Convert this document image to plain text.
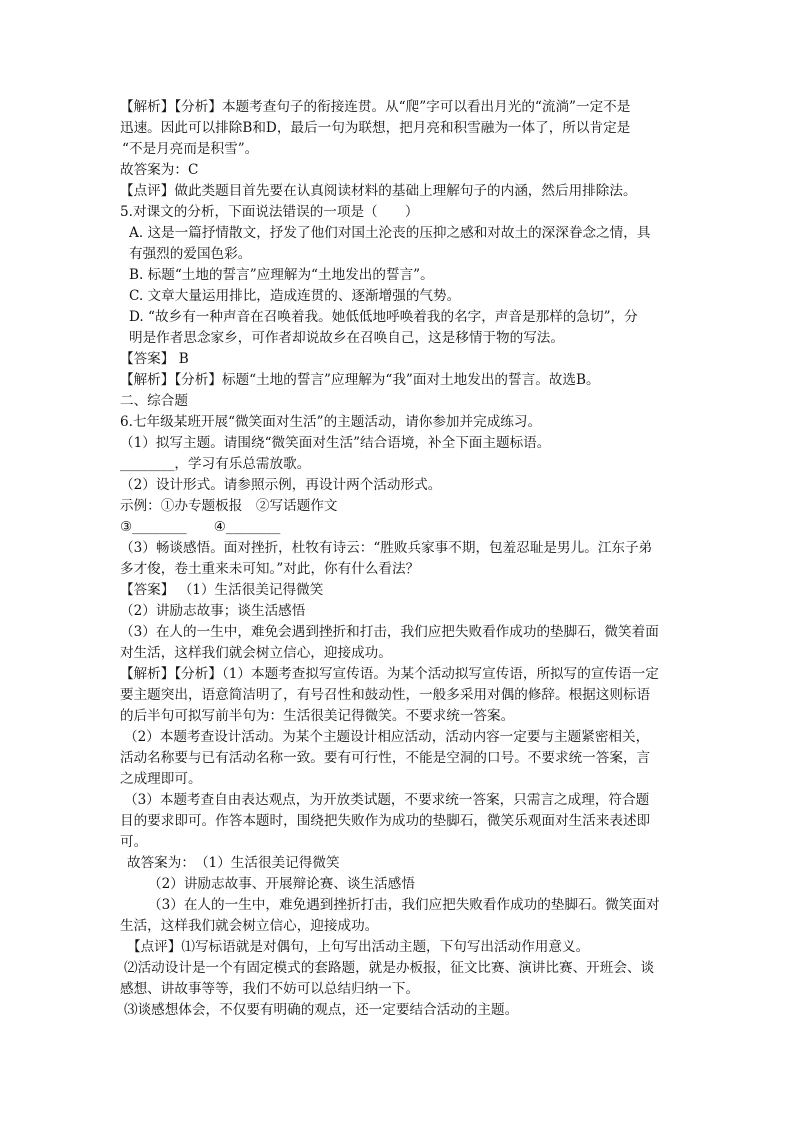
【解析】【分析】本题考查句子的衔接连贯。从“爬”字可以看出月光的“流淌”一定不是
迅速。因此可以排除B和D，最后一句为联想，把月亮和积雪融为一体了，所以肯定是
“不是月亮而是积雪”。
故答案为：C
【点评】做此类题目首先要在认真阅读材料的基础上理解句子的内涵，然后用排除法。
5.对课文的分析，下面说法错误的一项是（　　）
A. 这是一篇抒情散文，抒发了他们对国土沦丧的压抑之感和对故土的深深眷念之情，具
有强烈的爱国色彩。
B. 标题“土地的誓言”应理解为“土地发出的誓言”。
C. 文章大量运用排比，造成连贯的、逐渐增强的气势。
D. “故乡有一种声音在召唤着我。她低低地呼唤着我的名字，声音是那样的急切”，分
明是作者思念家乡，可作者却说故乡在召唤自己，这是移情于物的写法。
【答案】 B
【解析】【分析】标题“土地的誓言”应理解为“我”面对土地发出的誓言。故选B。
二、综合题
6.七年级某班开展“微笑面对生活”的主题活动，请你参加并完成练习。
（1）拟写主题。请围绕“微笑面对生活”结合语境，补全下面主题标语。
________，学习有乐总需放歌。
（2）设计形式。请参照示例，再设计两个活动形式。
示例：①办专题板报　②写话题作文
③________　　④________
（3）畅谈感悟。面对挫折，杜牧有诗云：“胜败兵家事不期，包羞忍耻是男儿。江东子弟
多才俊，卷土重来未可知。”对此，你有什么看法？
【答案】 （1）生活很美记得微笑
（2）讲励志故事；谈生活感悟
（3）在人的一生中，难免会遇到挫折和打击，我们应把失败看作成功的垫脚石，微笑着面
对生活，这样我们就会树立信心，迎接成功。
【解析】【分析】（1）本题考查拟写宣传语。为某个活动拟写宣传语，所拟写的宣传语一定
要主题突出，语意简洁明了，有号召性和鼓动性，一般多采用对偶的修辞。根据这则标语
的后半句可拟写前半句为：生活很美记得微笑。不要求统一答案。
（2）本题考查设计活动。为某个主题设计相应活动，活动内容一定要与主题紧密相关，
活动名称要与已有活动名称一致。要有可行性，不能是空洞的口号。不要求统一答案，言
之成理即可。
（3）本题考查自由表达观点，为开放类试题，不要求统一答案，只需言之成理，符合题
目的要求即可。作答本题时，围绕把失败作为成功的垫脚石，微笑乐观面对生活来表述即
可。
故答案为：　（1）生活很美记得微笑
（2）讲励志故事、开展辩论赛、谈生活感悟
（3）在人的一生中，难免遇到挫折打击，我们应把失败看作成功的垫脚石。微笑面对
生活，这样我们就会树立信心，迎接成功。
【点评】⑴写标语就是对偶句，上句写出活动主题，下句写出活动作用意义。
⑵活动设计是一个有固定模式的套路题，就是办板报，征文比赛、演讲比赛、开班会、谈
感想、讲故事等等，我们不妨可以总结归纳一下。
⑶谈感想体会，不仅要有明确的观点，还一定要结合活动的主题。
